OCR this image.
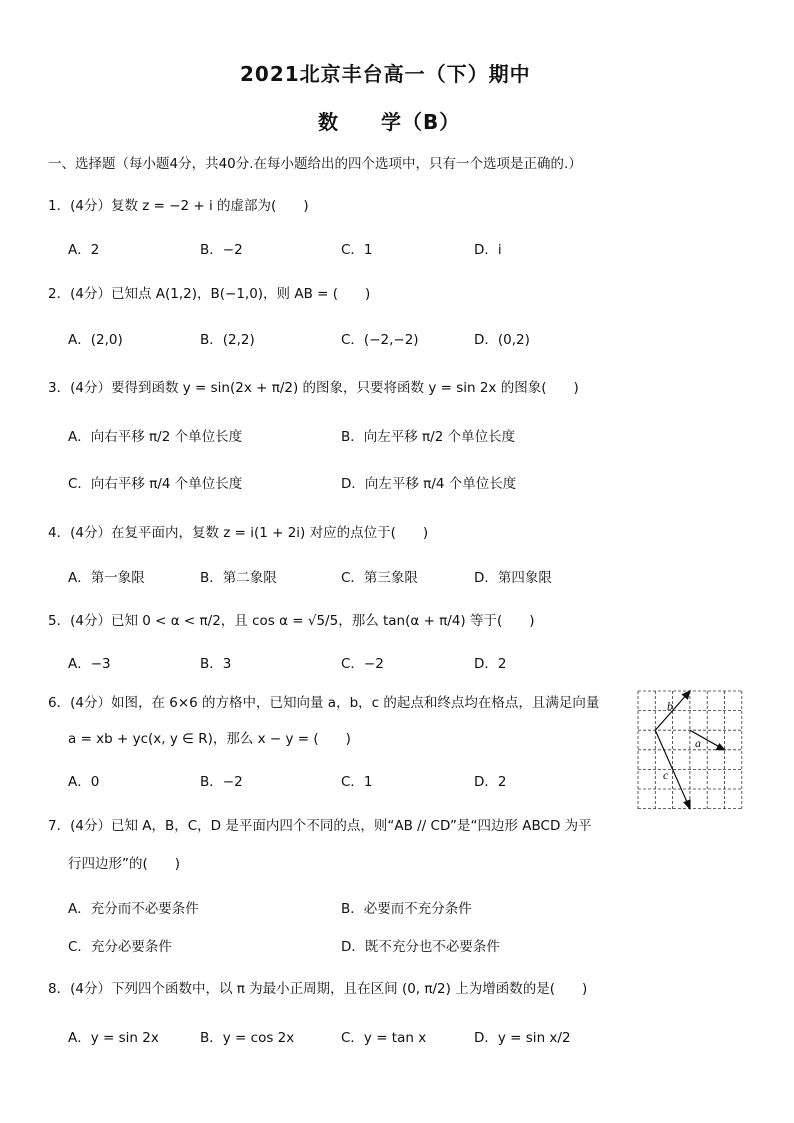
2021北京丰台高一（下）期中
数　　学（B）
一、选择题（每小题4分，共40分.在每小题给出的四个选项中，只有一个选项是正确的.）
1．(4分）复数 z = −2 + i 的虚部为(　　)
A．2	B．−2	C．1	D．i
2．(4分）已知点 A(1,2)，B(−1,0)，则 AB = (　　)
A．(2,0)	B．(2,2)	C．(−2,−2)	D．(0,2)
3．(4分）要得到函数 y = sin(2x + π/2) 的图象，只要将函数 y = sin 2x 的图象(　　)
A．向右平移 π/2 个单位长度	B．向左平移 π/2 个单位长度
C．向右平移 π/4 个单位长度	D．向左平移 π/4 个单位长度
4．(4分）在复平面内，复数 z = i(1 + 2i) 对应的点位于(　　)
A．第一象限	B．第二象限	C．第三象限	D．第四象限
5．(4分）已知 0 < α < π/2，且 cos α = √5/5，那么 tan(α + π/4) 等于(　　)
A．−3	B．3	C．−2	D．2
6．(4分）如图，在 6×6 的方格中，已知向量 a，b，c 的起点和终点均在格点，且满足向量
a = xb + yc(x, y ∈ R)，那么 x − y = (　　)
A．0	B．−2	C．1	D．2
b
a
c
7．(4分）已知 A，B，C，D 是平面内四个不同的点，则“AB // CD”是“四边形 ABCD 为平
行四边形”的(　　)
A．充分而不必要条件	B．必要而不充分条件
C．充分必要条件	D．既不充分也不必要条件
8．(4分）下列四个函数中，以 π 为最小正周期，且在区间 (0, π/2) 上为增函数的是(　　)
A．y = sin 2x	B．y = cos 2x	C．y = tan x	D．y = sin x/2
